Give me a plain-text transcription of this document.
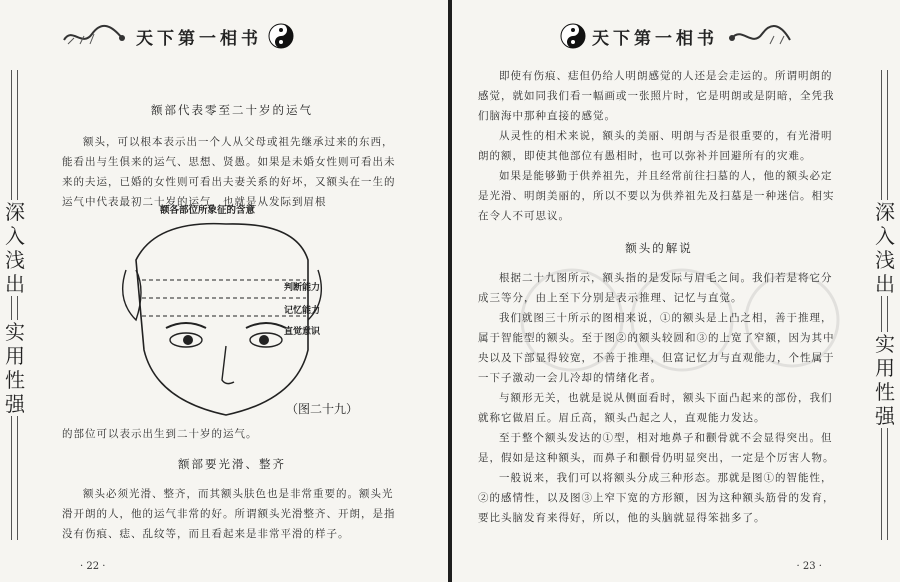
天下第一相书
深
入
浅
出
实
用
性
强
额部代表零至二十岁的运气

额头，可以根本表示出一个人从父母或祖先继承过来的东西，能看出与生俱来的运气、思想、贤愚。如果是未婚女性则可看出未来的夫运，已婚的女性则可看出夫妻关系的好坏，又额头在一生的运气中代表最初二十岁的运气，也就是从发际到眉根

额各部位所象征的含意
判断能力
记忆能力
直觉意识
（图二十九）

的部位可以表示出生到二十岁的运气。

额部要光滑、整齐

额头必须光滑、整齐，而其额头肤色也是非常重要的。额头光滑开朗的人，他的运气非常的好。所谓额头光滑整齐、开朗，是指没有伤痕、痣、乱纹等，而且看起来是非常平滑的样子。

· 22 ·
天下第一相书
深
入
浅
出
实
用
性
强

即使有伤痕、痣但仍给人明朗感觉的人还是会走运的。所谓明朗的感觉，就如同我们看一幅画或一张照片时，它是明朗或是阴暗，全凭我们脑海中那种直接的感觉。

从灵性的相术来说，额头的美丽、明朗与否是很重要的，有光滑明朗的额，即使其他部位有愚相时，也可以弥补并回避所有的灾难。

如果是能够勤于供养祖先，并且经常前往扫墓的人，他的额头必定是光滑、明朗美丽的，所以不要以为供养祖先及扫墓是一种迷信。相实在令人不可思议。

额头的解说

根据二十九图所示，额头指的是发际与眉毛之间。我们若是将它分成三等分，由上至下分别是表示推理、记忆与直觉。

我们就图三十所示的图相来说，①的额头是上凸之相，善于推理，属于智能型的额头。至于图②的额头较圆和③的上宽了窄额，因为其中央以及下部显得较宽，不善于推理，但富记忆力与直观能力，个性属于一下子激动一会儿冷却的情绪化者。

与额形无关，也就是说从侧面看时，额头下面凸起来的部份，我们就称它做眉丘。眉丘高，额头凸起之人，直观能力发达。

至于整个额头发达的①型，相对地鼻子和颧骨就不会显得突出。但是，假如是这种额头，而鼻子和颧骨仍明显突出，一定是个厉害人物。

一般说来，我们可以将额头分成三种形态。那就是图①的智能性，②的感情性，以及图③上窄下宽的方形额，因为这种额头筋骨的发育，要比头脑发育来得好，所以，他的头脑就显得笨拙多了。

· 23 ·
